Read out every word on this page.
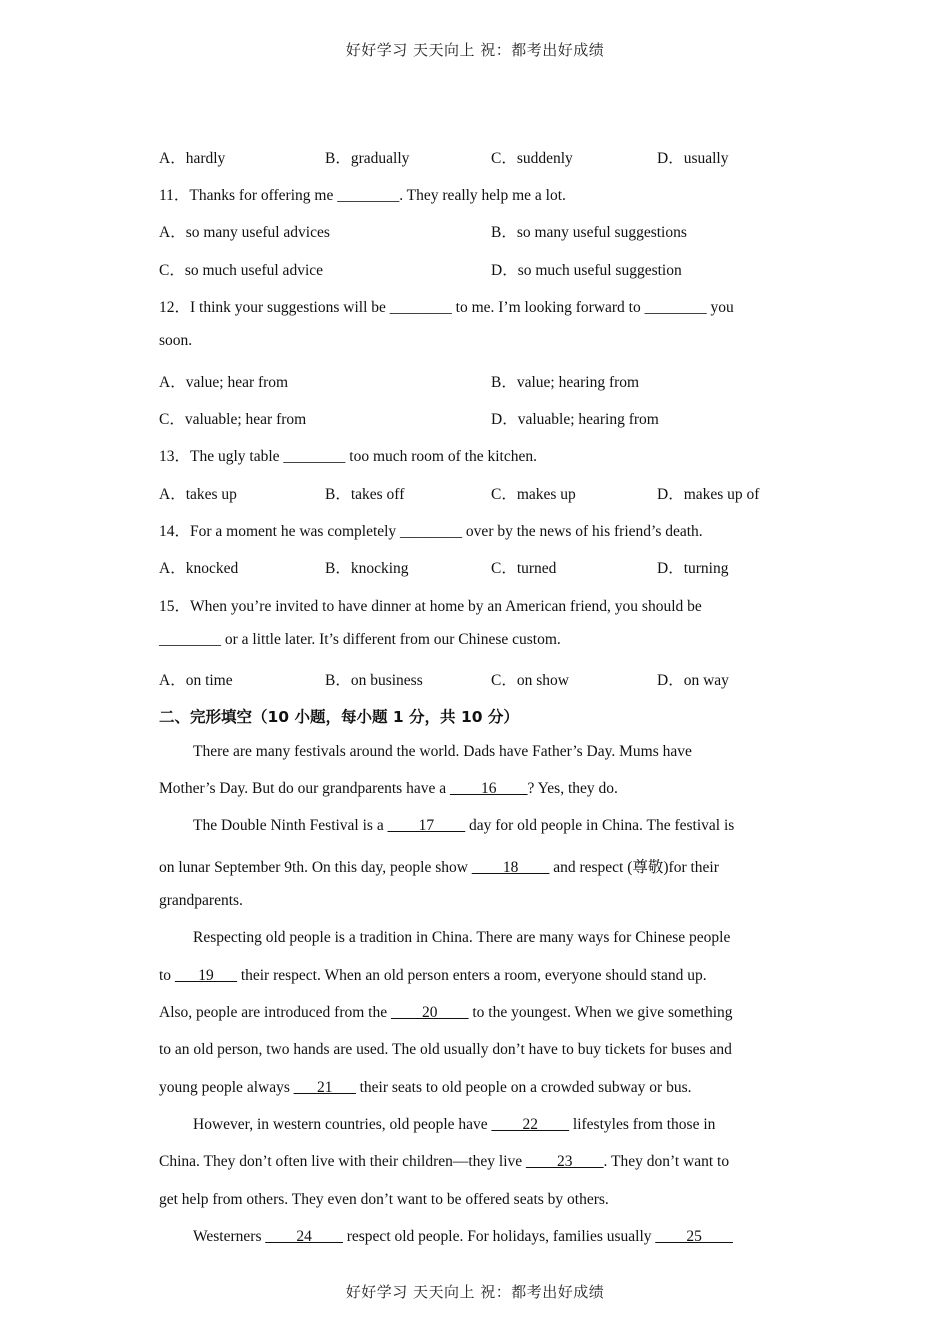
好好学习 天天向上 祝：都考出好成绩
A．hardly	B．gradually	C．suddenly	D．usually
11．Thanks for offering me ________. They really help me a lot.
A．so many useful advices	B．so many useful suggestions
C．so much useful advice	D．so much useful suggestion
12．I think your suggestions will be ________ to me. I’m looking forward to ________ you
soon.
A．value; hear from	B．value; hearing from
C．valuable; hear from	D．valuable; hearing from
13．The ugly table ________ too much room of the kitchen.
A．takes up	B．takes off	C．makes up	D．makes up of
14．For a moment he was completely ________ over by the news of his friend’s death.
A．knocked	B．knocking	C．turned	D．turning
15．When you’re invited to have dinner at home by an American friend, you should be
________ or a little later. It’s different from our Chinese custom.
A．on time	B．on business	C．on show	D．on way
二、完形填空（10 小题，每小题 1 分，共 10 分）
There are many festivals around the world. Dads have Father’s Day. Mums have
Mother’s Day. But do our grandparents have a ____16____? Yes, they do.
The Double Ninth Festival is a ____17____ day for old people in China. The festival is
on lunar September 9th. On this day, people show ____18____ and respect (尊敬)for their
grandparents.
Respecting old people is a tradition in China. There are many ways for Chinese people
to ___19___ their respect. When an old person enters a room, everyone should stand up.
Also, people are introduced from the ____20____ to the youngest. When we give something
to an old person, two hands are used. The old usually don’t have to buy tickets for buses and
young people always ___21___ their seats to old people on a crowded subway or bus.
However, in western countries, old people have ____22____ lifestyles from those in
China. They don’t often live with their children—they live ____23____. They don’t want to
get help from others. They even don’t want to be offered seats by others.
Westerners ____24____ respect old people. For holidays, families usually ____25____
好好学习 天天向上 祝：都考出好成绩
